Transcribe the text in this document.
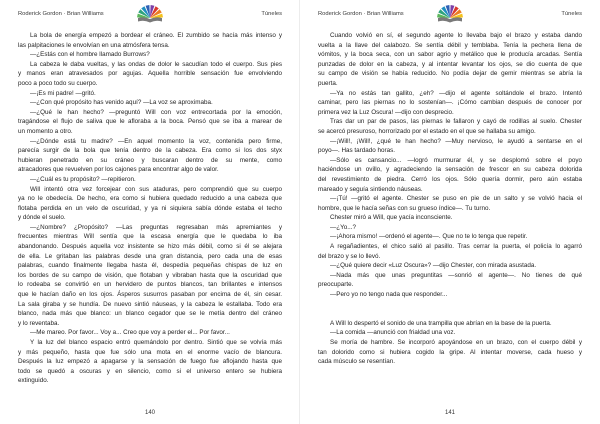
Roderick Gordon · Brian Williams	Túneles
La bola de energía empezó a bordear el cráneo. El zumbido se hacía más intenso y
las palpitaciones le envolvían en una atmósfera tensa.
—¿Estás con el hombre llamado Burrows?
La cabeza le daba vueltas, y las ondas de dolor le sacudían todo el cuerpo. Sus pies
y manos eran atravesados por agujas. Aquella horrible sensación fue envolviendo
poco a poco todo su cuerpo.
—¡Es mi padre! —gritó.
—¿Con qué propósito has venido aquí? —La voz se aproximaba.
—¿Qué le han hecho? —preguntó Will con voz entrecortada por la emoción,
tragándose el flujo de saliva que le afloraba a la boca. Pensó que se iba a marear de
un momento a otro.
—¿Dónde está tu madre? —En aquel momento la voz, contenida pero firme,
parecía surgir de la bola que tenía dentro de la cabeza. Era como si los dos styx
hubieran penetrado en su cráneo y buscaran dentro de su mente, como
atracadores que revuelven por los cajones para encontrar algo de valor.
—¿Cuál es tu propósito? —repitieron.
Will intentó otra vez forcejear con sus ataduras, pero comprendió que su cuerpo
ya no le obedecía. De hecho, era como si hubiera quedado reducido a una cabeza que
flotaba perdida en un velo de oscuridad, y ya ni siquiera sabía dónde estaba el techo
y dónde el suelo.
—¿Nombre? ¿Propósito? —Las preguntas regresaban más apremiantes y
frecuentes mientras Will sentía que la escasa energía que le quedaba lo iba
abandonando. Después aquella voz insistente se hizo más débil, como si él se alejara
de ella. Le gritaban las palabras desde una gran distancia, pero cada una de esas
palabras, cuando finalmente llegaba hasta él, despedía pequeñas chispas de luz en
los bordes de su campo de visión, que flotaban y vibraban hasta que la oscuridad que
lo rodeaba se convirtió en un hervidero de puntos blancos, tan brillantes e intensos
que le hacían daño en los ojos. Ásperos susurros pasaban por encima de él, sin cesar.
La sala giraba y se hundía. De nuevo sintió náuseas, y la cabeza le estallaba. Todo era
blanco, nada más que blanco: un blanco cegador que se le metía dentro del cráneo
y lo reventaba.
—Me mareo. Por favor... Voy a... Creo que voy a perder el... Por favor...
Y la luz del blanco espacio entró quemándolo por dentro. Sintió que se volvía más
y más pequeño, hasta que fue sólo una mota en el enorme vacío de blancura.
Después la luz empezó a apagarse y la sensación de fuego fue aflojando hasta que
todo se quedó a oscuras y en silencio, como si el universo entero se hubiera
extinguido.
140
Roderick Gordon · Brian Williams	Túneles
Cuando volvió en sí, el segundo agente lo llevaba bajo el brazo y estaba dando
vuelta a la llave del calabozo. Se sentía débil y temblaba. Tenía la pechera llena de
vómitos, y la boca seca, con un sabor agrio y metálico que le producía arcadas. Sentía
punzadas de dolor en la cabeza, y al intentar levantar los ojos, se dio cuenta de que
su campo de visión se había reducido. No podía dejar de gemir mientras se abría la
puerta.
—Ya no estás tan gallito, ¿eh? —dijo el agente soltándole el brazo. Intentó
caminar, pero las piernas no lo sostenían—. ¡Cómo cambian después de conocer por
primera vez la Luz Oscura! —dijo con desprecio.
Tras dar un par de pasos, las piernas le fallaron y cayó de rodillas al suelo. Chester
se acercó presuroso, horrorizado por el estado en el que se hallaba su amigo.
—¡Will!, ¡Will!, ¿qué te han hecho? —Muy nervioso, le ayudó a sentarse en el
poyo—. Has tardado horas.
—Sólo es cansancio... —logró murmurar él, y se desplomó sobre el poyo
haciéndose un ovillo, y agradeciendo la sensación de frescor en su cabeza dolorida
del revestimiento de piedra. Cerró los ojos. Sólo quería dormir, pero aún estaba
mareado y seguía sintiendo náuseas.
—¡Tú! —gritó el agente. Chester se puso en pie de un salto y se volvió hacia el
hombre, que le hacía señas con su grueso índice—. Tu turno.
Chester miró a Will, que yacía inconsciente.
—¿Yo...?
—¡Ahora mismo! —ordenó el agente—. Que no te lo tenga que repetir.
A regañadientes, el chico salió al pasillo. Tras cerrar la puerta, el policía lo agarró
del brazo y se lo llevó.
—¿Qué quiere decir «Luz Oscura»? —dijo Chester, con mirada asustada.
—Nada más que unas preguntitas —sonrió el agente—. No tienes de qué
preocuparte.
—Pero yo no tengo nada que responder...
A Will lo despertó el sonido de una trampilla que abrían en la base de la puerta.
—La comida —anunció con frialdad una voz.
Se moría de hambre. Se incorporó apoyándose en un brazo, con el cuerpo débil y
tan dolorido como si hubiera cogido la gripe. Al intentar moverse, cada hueso y
cada músculo se resentían.
141
